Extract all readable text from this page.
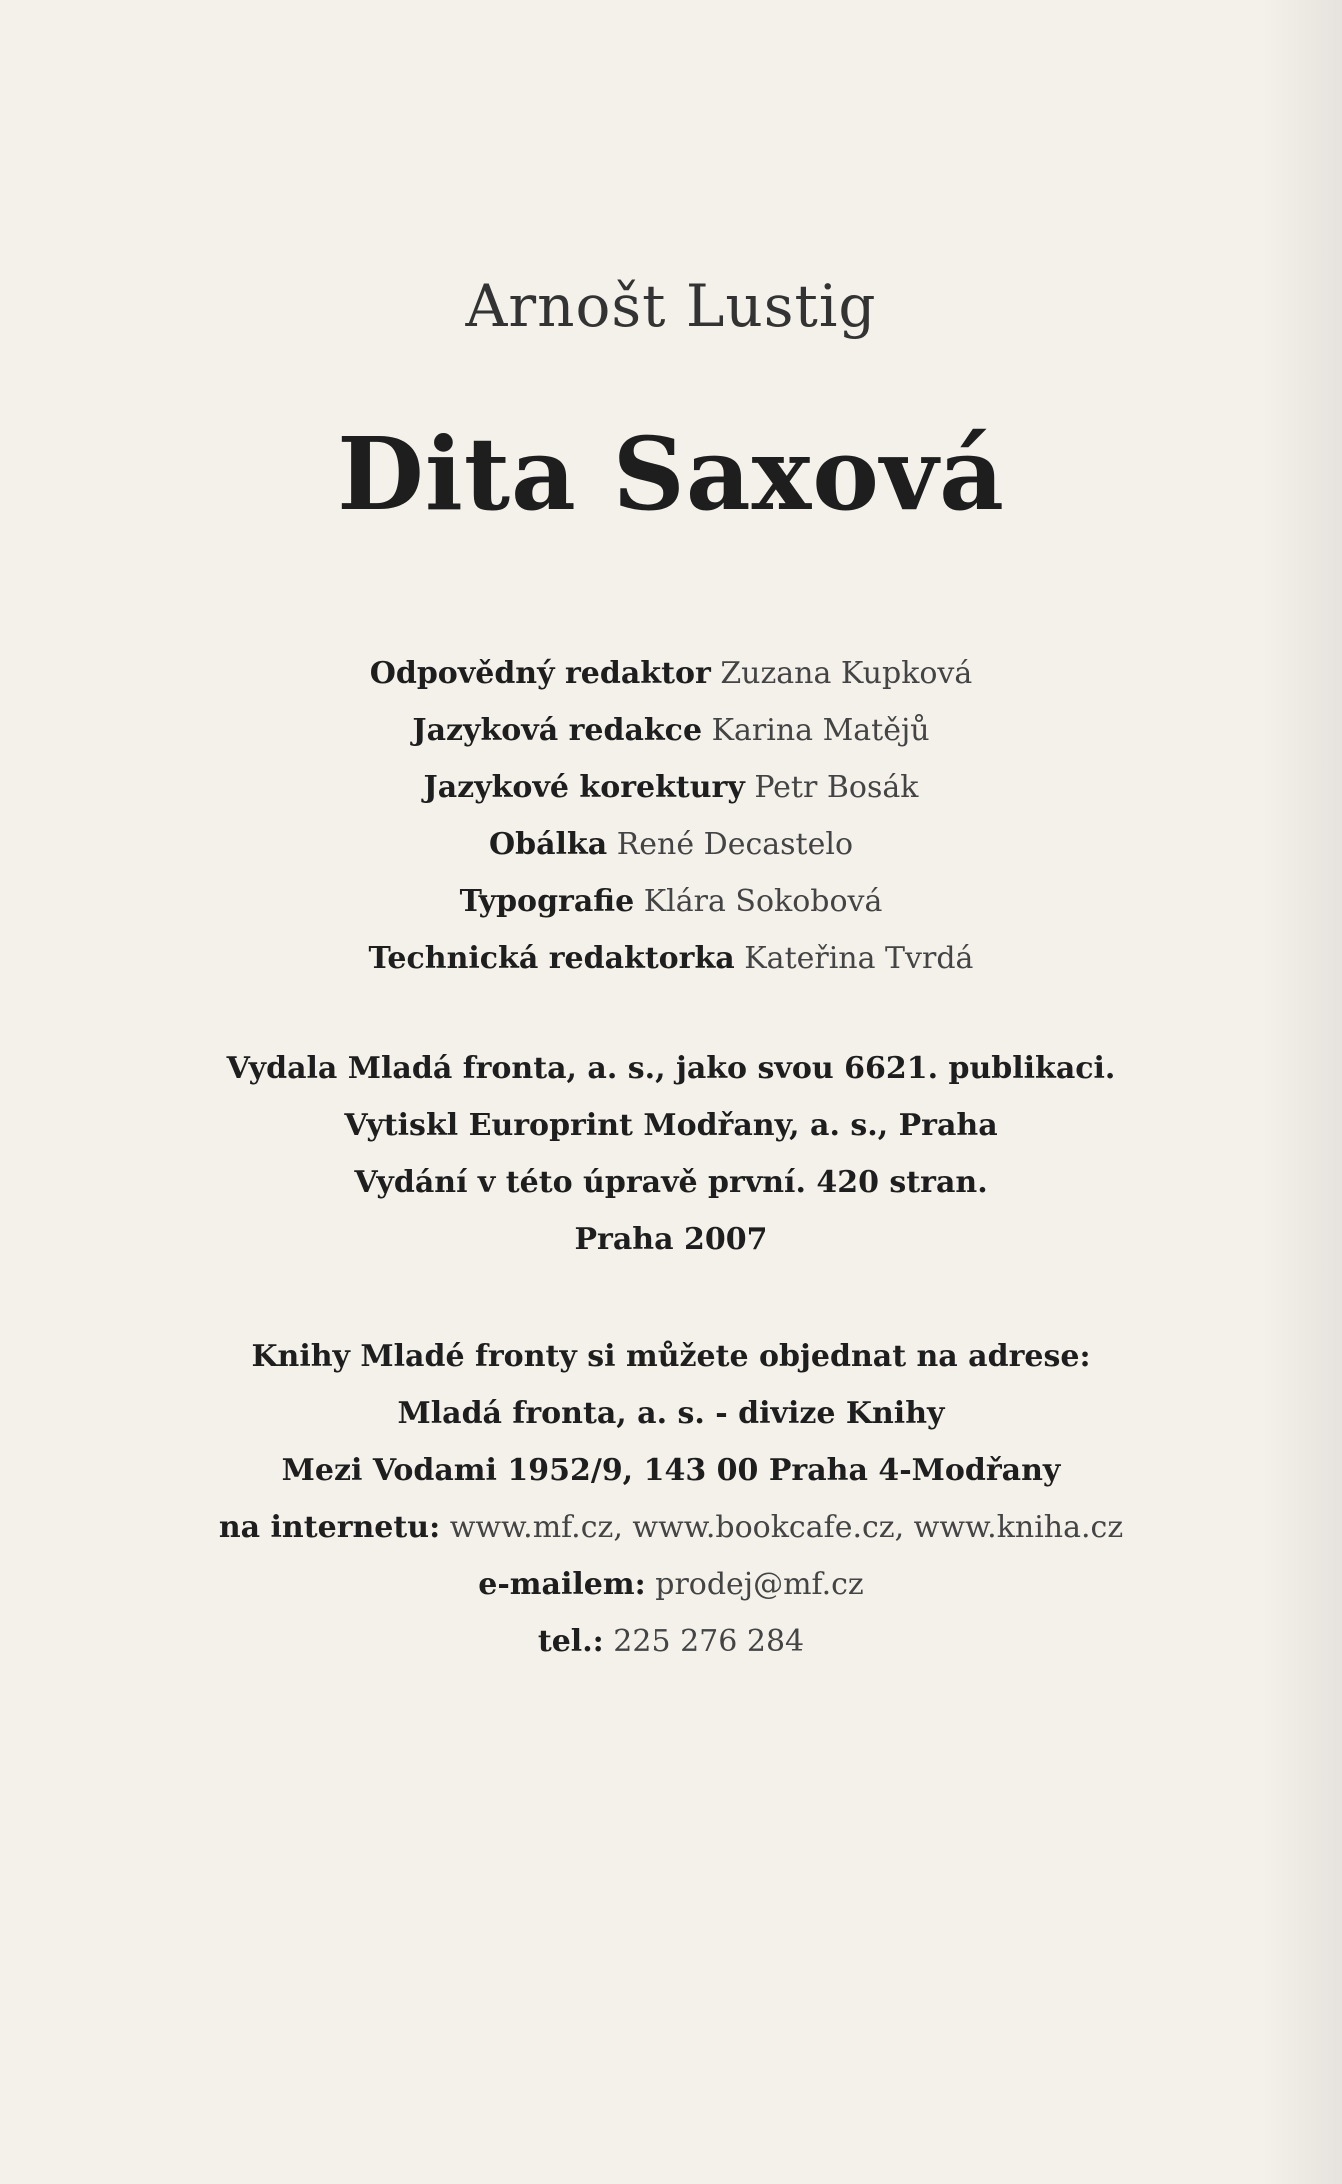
Arnošt Lustig
Dita Saxová
Odpovědný redaktor Zuzana Kupková
Jazyková redakce Karina Matějů
Jazykové korektury Petr Bosák
Obálka René Decastelo
Typografie Klára Sokobová
Technická redaktorka Kateřina Tvrdá
Vydala Mladá fronta, a. s., jako svou 6621. publikaci.
Vytiskl Europrint Modřany, a. s., Praha
Vydání v této úpravě první. 420 stran.
Praha 2007
Knihy Mladé fronty si můžete objednat na adrese:
Mladá fronta, a. s. - divize Knihy
Mezi Vodami 1952/9, 143 00 Praha 4-Modřany
na internetu: www.mf.cz, www.bookcafe.cz, www.kniha.cz
e-mailem: prodej@mf.cz
tel.: 225 276 284
